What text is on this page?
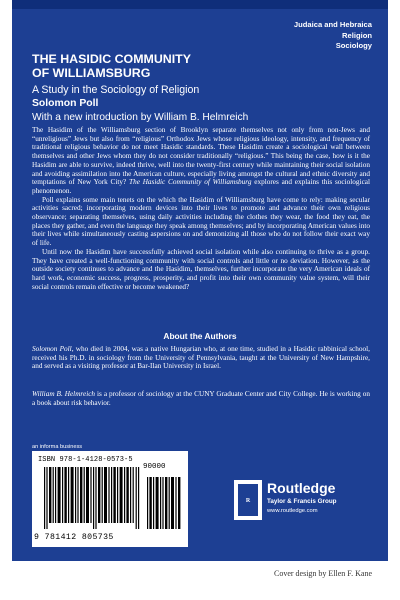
Judaica and Hebraica
Religion
Sociology
THE HASIDIC COMMUNITY
OF WILLIAMSBURG
A Study in the Sociology of Religion
Solomon Poll
With a new introduction by William B. Helmreich

The Hasidim of the Williamsburg section of Brooklyn separate themselves not only from non-Jews and “unreligious” Jews but also from “religious” Orthodox Jews whose religious ideology, intensity, and frequency of traditional religious behavior do not meet Hasidic standards. These Hasidim create a sociological wall between themselves and other Jews whom they do not consider traditionally “religious.” This being the case, how is it the Hasidim are able to survive, indeed thrive, well into the twenty-first century while maintaining their social isolation and avoiding assimilation into the American culture, especially living amongst the cultural and ethnic diversity and temptations of New York City? The Hasidic Community of Williamsburg explores and explains this sociological phenomenon.

Poll explains some main tenets on the which the Hasidim of Williamsburg have come to rely: making secular activities sacred; incorporating modern devices into their lives to promote and advance their own religious observance; separating themselves, using daily activities including the clothes they wear, the food they eat, the places they gather, and even the language they speak among themselves; and by incorporating American values into their lives while simultaneously casting aspersions on and demonizing all those who do not follow their exact way of life.

Until now the Hasidim have successfully achieved social isolation while also continuing to thrive as a group. They have created a well-functioning community with social controls and little or no deviation. However, as the outside society continues to advance and the Hasidim, themselves, further incorporate the very American ideals of hard work, economic success, progress, prosperity, and profit into their own community value system, will their social controls remain effective or become weakened?

About the Authors

Solomon Poll, who died in 2004, was a native Hungarian who, at one time, studied in a Hasidic rabbinical school, received his Ph.D. in sociology from the University of Pennsylvania, taught at the University of New Hampshire, and served as a visiting professor at Bar-Ilan University in Israel.

William B. Helmreich is a professor of sociology at the CUNY Graduate Center and City College. He is working on a book about risk behavior.

an informa business
ISBN 978-1-4128-0573-5
90000
9 781412 805735
R
Routledge
Taylor & Francis Group
www.routledge.com
Cover design by Ellen F. Kane
